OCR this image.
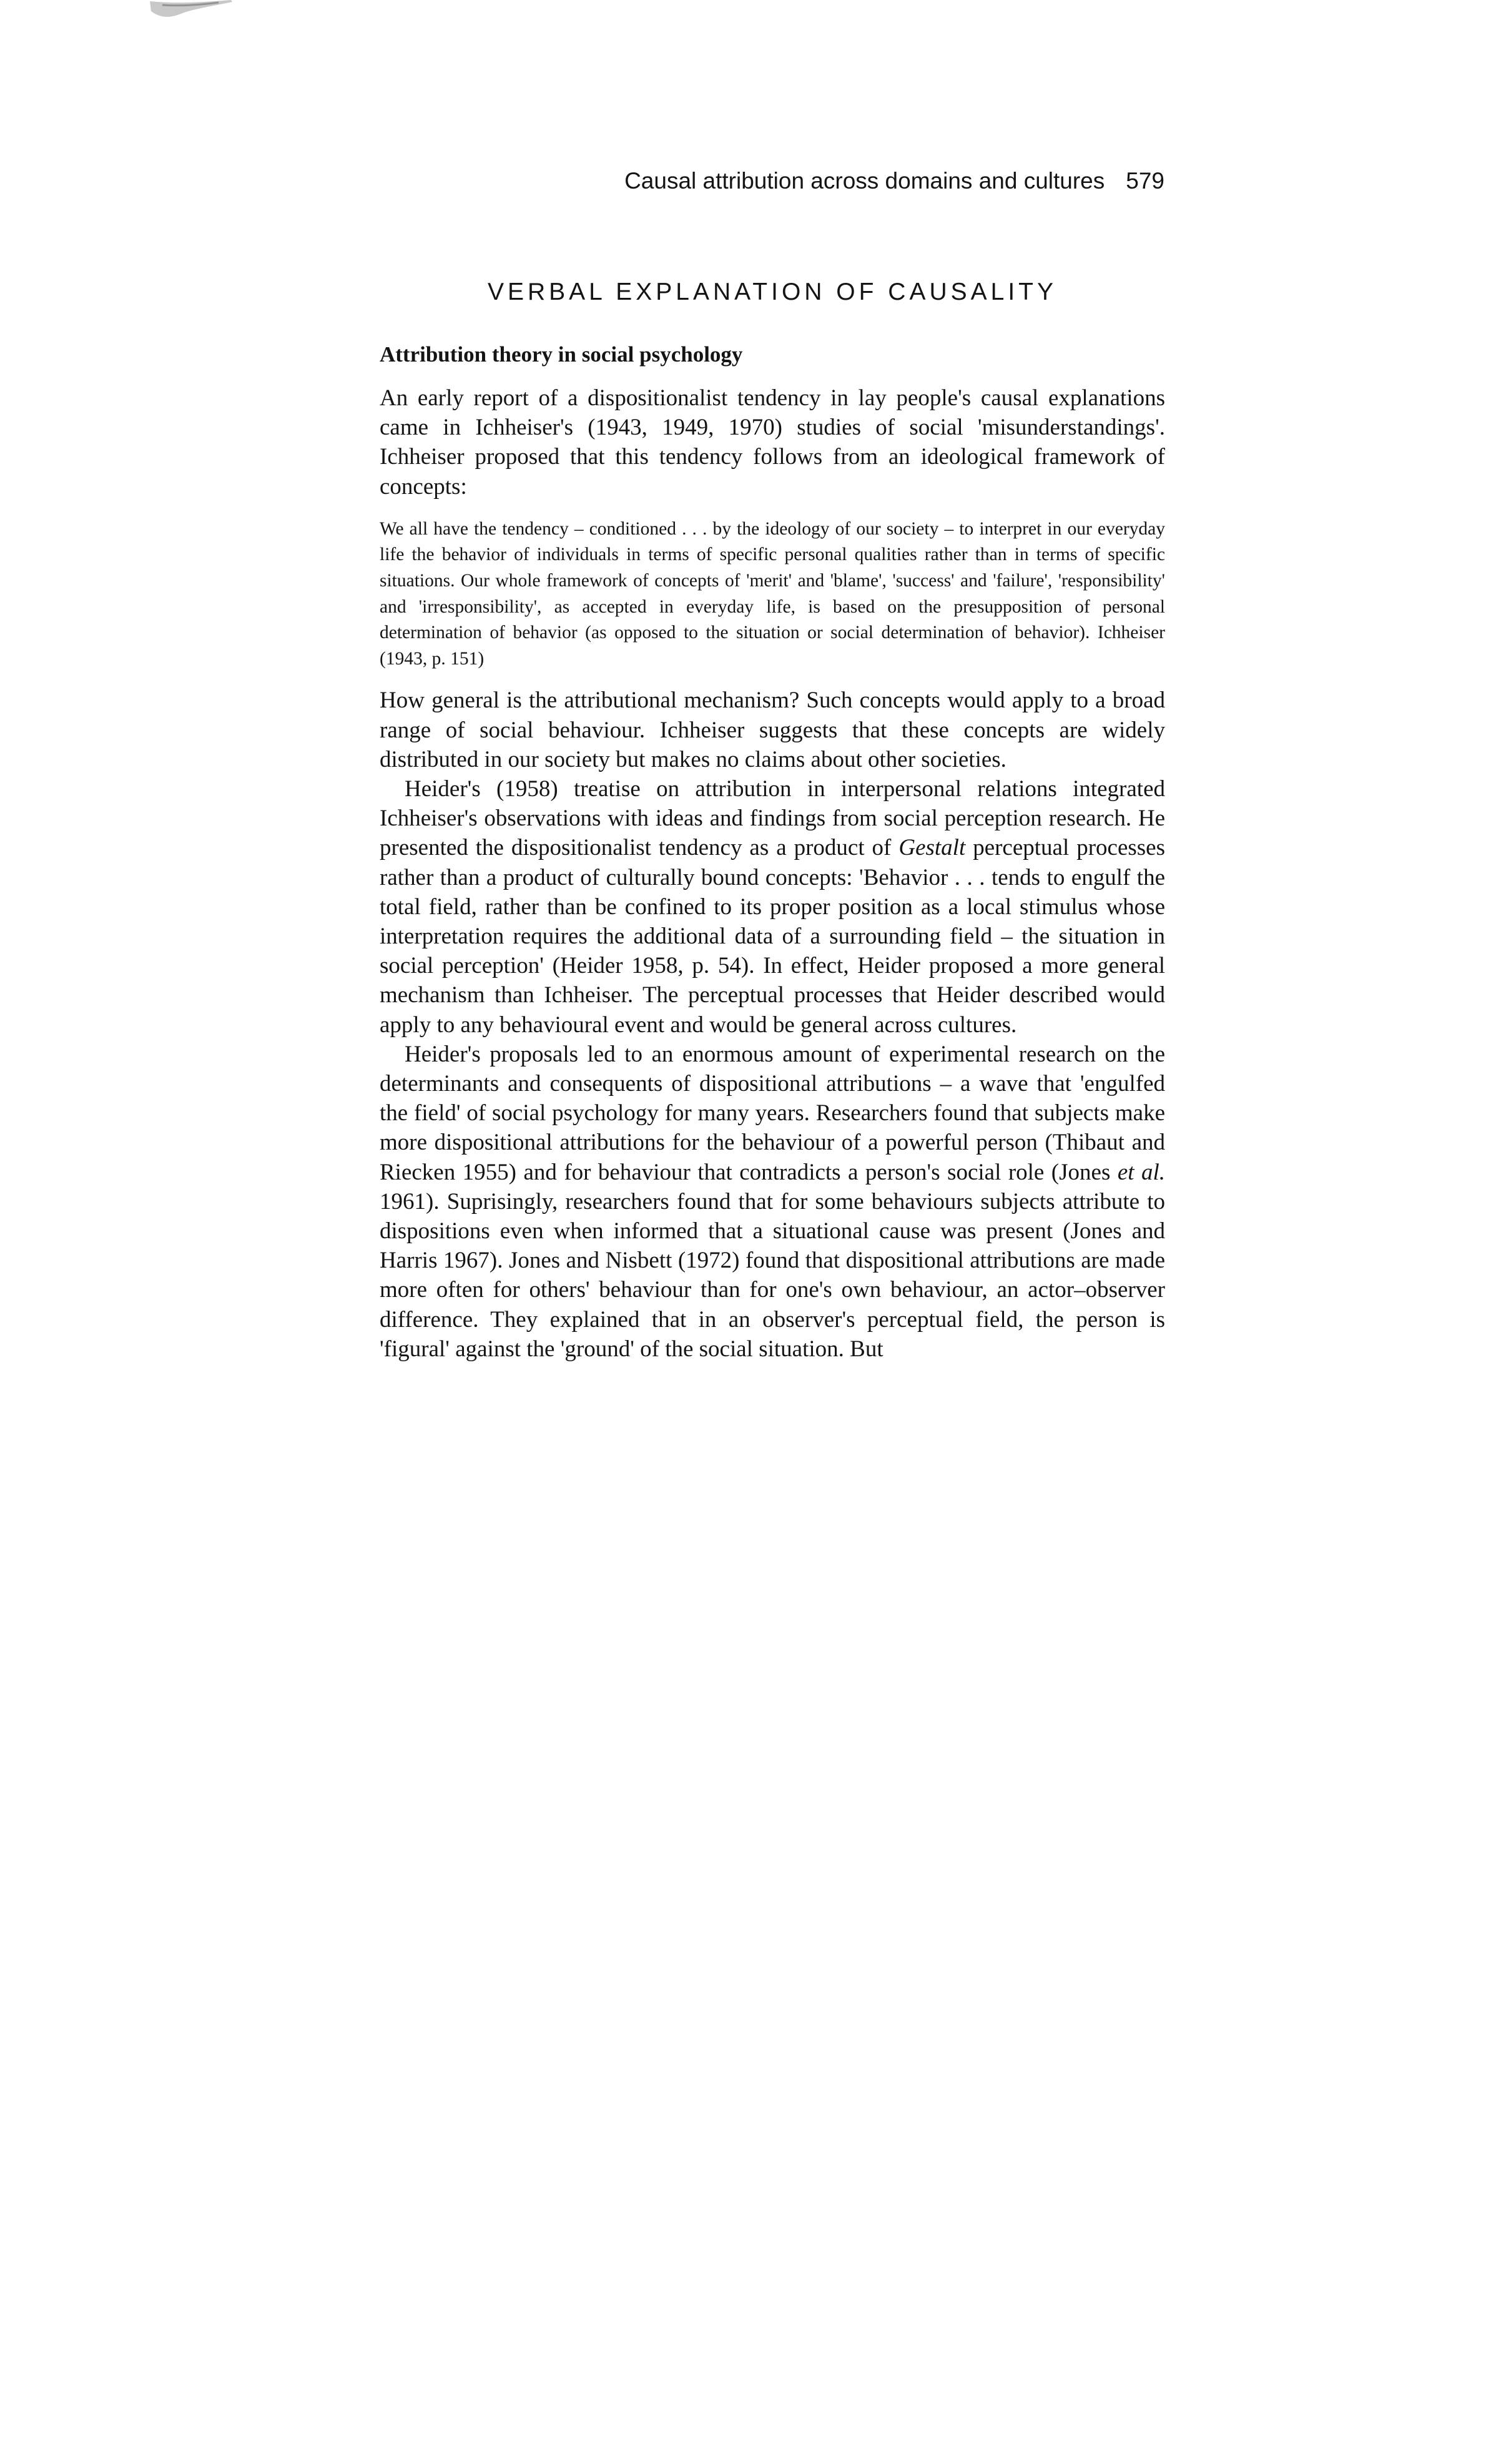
Causal attribution across domains and cultures 579
VERBAL EXPLANATION OF CAUSALITY
Attribution theory in social psychology

An early report of a dispositionalist tendency in lay people's causal explanations came in Ichheiser's (1943, 1949, 1970) studies of social 'misunderstandings'. Ichheiser proposed that this tendency follows from an ideological framework of concepts:

We all have the tendency – conditioned . . . by the ideology of our society – to interpret in our everyday life the behavior of individuals in terms of specific personal qualities rather than in terms of specific situations. Our whole framework of concepts of 'merit' and 'blame', 'success' and 'failure', 'responsibility' and 'irresponsibility', as accepted in everyday life, is based on the presupposition of personal determination of behavior (as opposed to the situation or social determination of behavior). Ichheiser (1943, p. 151)

How general is the attributional mechanism? Such concepts would apply to a broad range of social behaviour. Ichheiser suggests that these concepts are widely distributed in our society but makes no claims about other societies.

Heider's (1958) treatise on attribution in interpersonal relations integrated Ichheiser's observations with ideas and findings from social perception research. He presented the dispositionalist tendency as a product of Gestalt perceptual processes rather than a product of culturally bound concepts: 'Behavior . . . tends to engulf the total field, rather than be confined to its proper position as a local stimulus whose interpretation requires the additional data of a surrounding field – the situation in social perception' (Heider 1958, p. 54). In effect, Heider proposed a more general mechanism than Ichheiser. The perceptual processes that Heider described would apply to any behavioural event and would be general across cultures.

Heider's proposals led to an enormous amount of experimental research on the determinants and consequents of dispositional attributions – a wave that 'engulfed the field' of social psychology for many years. Researchers found that subjects make more dispositional attributions for the behaviour of a powerful person (Thibaut and Riecken 1955) and for behaviour that contradicts a person's social role (Jones et al. 1961). Suprisingly, researchers found that for some behaviours subjects attribute to dispositions even when informed that a situational cause was present (Jones and Harris 1967). Jones and Nisbett (1972) found that dispositional attributions are made more often for others' behaviour than for one's own behaviour, an actor–observer difference. They explained that in an observer's perceptual field, the person is 'figural' against the 'ground' of the social situation. But
